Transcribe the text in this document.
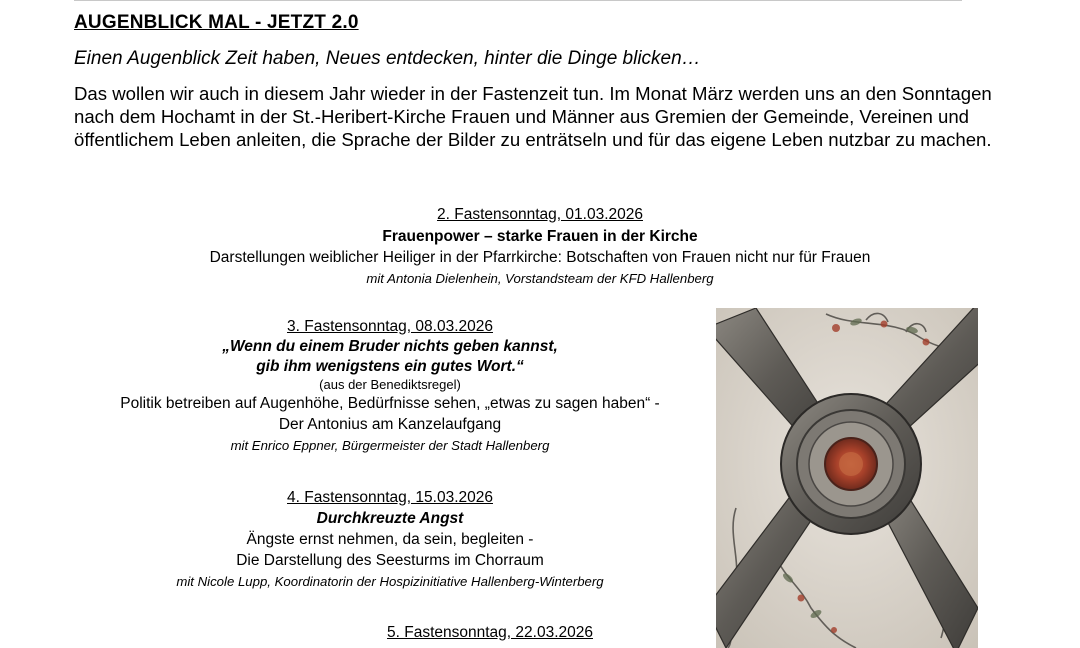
AUGENBLICK MAL - JETZT 2.0

Einen Augenblick Zeit haben, Neues entdecken, hinter die Dinge blicken…

Das wollen wir auch in diesem Jahr wieder in der Fastenzeit tun. Im Monat März werden uns an den Sonntagen nach dem Hochamt in der St.-Heribert-Kirche Frauen und Männer aus Gremien der Gemeinde, Vereinen und öffentlichem Leben anleiten, die Sprache der Bilder zu enträtseln und für das eigene Leben nutzbar zu machen.

2. Fastensonntag, 01.03.2026
Frauenpower – starke Frauen in der Kirche
Darstellungen weiblicher Heiliger in der Pfarrkirche: Botschaften von Frauen nicht nur für Frauen
mit Antonia Dielenhein, Vorstandsteam der KFD Hallenberg
3. Fastensonntag, 08.03.2026
„Wenn du einem Bruder nichts geben kannst,
gib ihm wenigstens ein gutes Wort.“
(aus der Benediktsregel)
Politik betreiben auf Augenhöhe, Bedürfnisse sehen, „etwas zu sagen haben“ -
Der Antonius am Kanzelaufgang
mit Enrico Eppner, Bürgermeister der Stadt Hallenberg
4. Fastensonntag, 15.03.2026
Durchkreuzte Angst
Ängste ernst nehmen, da sein, begleiten -
Die Darstellung des Seesturms im Chorraum
mit Nicole Lupp, Koordinatorin der Hospizinitiative Hallenberg-Winterberg
5. Fastensonntag, 22.03.2026
